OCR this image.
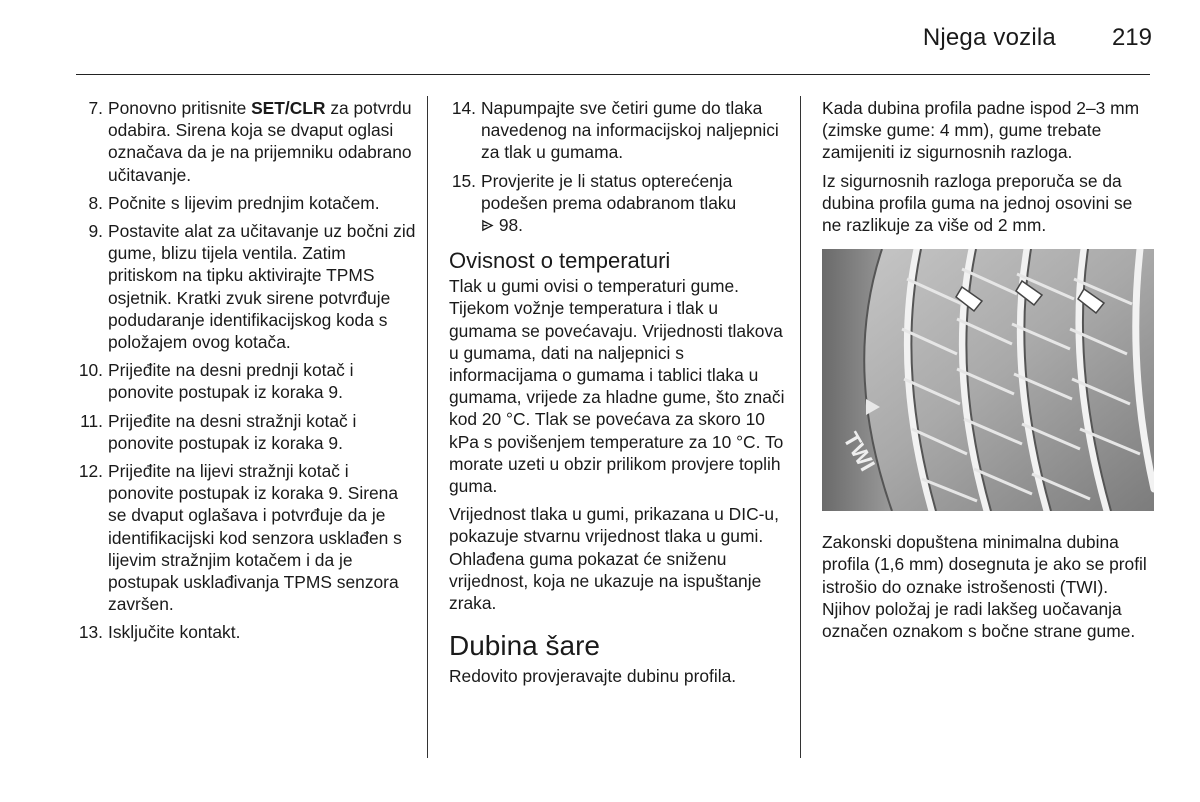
Njega vozila 219
7. Ponovno pritisnite SET/CLR za potvrdu odabira. Sirena koja se dvaput oglasi označava da je na prijemniku odabrano učitavanje.
8. Počnite s lijevim prednjim kotačem.
9. Postavite alat za učitavanje uz bočni zid gume, blizu tijela ventila. Zatim pritiskom na tipku aktivirajte TPMS osjetnik. Kratki zvuk sirene potvrđuje podudaranje identifikacijskog koda s položajem ovog kotača.
10. Prijeđite na desni prednji kotač i ponovite postupak iz koraka 9.
11. Prijeđite na desni stražnji kotač i ponovite postupak iz koraka 9.
12. Prijeđite na lijevi stražnji kotač i ponovite postupak iz koraka 9. Sirena se dvaput oglašava i potvrđuje da je identifikacijski kod senzora usklađen s lijevim stražnjim kotačem i da je postupak usklađivanja TPMS senzora završen.
13. Isključite kontakt.
14. Napumpajte sve četiri gume do tlaka navedenog na informacijskoj naljepnici za tlak u gumama.
15. Provjerite je li status opterećenja podešen prema odabranom tlaku
98.
Ovisnost o temperaturi

Tlak u gumi ovisi o temperaturi gume. Tijekom vožnje temperatura i tlak u gumama se povećavaju. Vrijednosti tlakova u gumama, dati na naljepnici s informacijama o gumama i tablici tlaka u gumama, vrijede za hladne gume, što znači kod 20 °C. Tlak se povećava za skoro 10 kPa s povišenjem temperature za 10 °C. To morate uzeti u obzir prilikom provjere toplih guma.

Vrijednost tlaka u gumi, prikazana u DIC-u, pokazuje stvarnu vrijednost tlaka u gumi. Ohlađena guma pokazat će sniženu vrijednost, koja ne ukazuje na ispuštanje zraka.

Dubina šare

Redovito provjeravajte dubinu profila.

Kada dubina profila padne ispod 2–3 mm (zimske gume: 4 mm), gume trebate zamijeniti iz sigurnosnih razloga.

Iz sigurnosnih razloga preporuča se da dubina profila guma na jednoj osovini se ne razlikuje za više od 2 mm.

TWI

Zakonski dopuštena minimalna dubina profila (1,6 mm) dosegnuta je ako se profil istrošio do oznake istrošenosti (TWI). Njihov položaj je radi lakšeg uočavanja označen oznakom s bočne strane gume.
